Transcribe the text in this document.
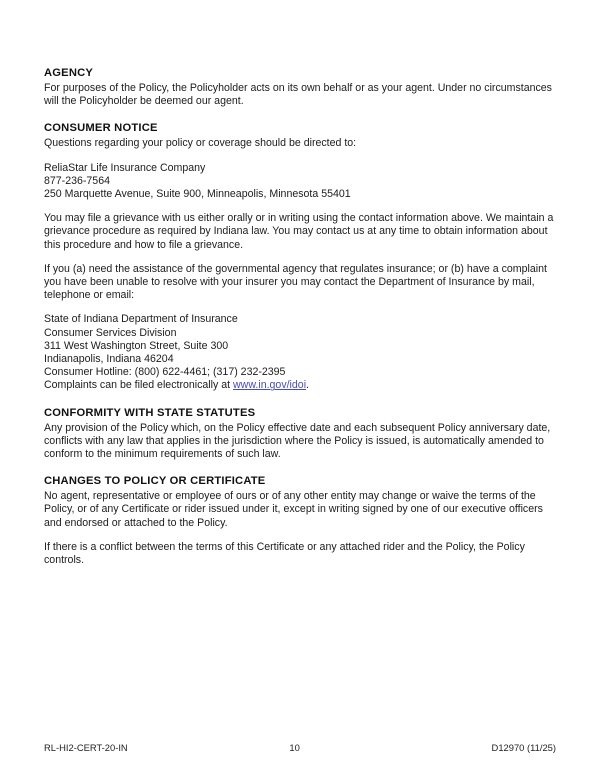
AGENCY

For purposes of the Policy, the Policyholder acts on its own behalf or as your agent. Under no circumstances will the Policyholder be deemed our agent.

CONSUMER NOTICE

Questions regarding your policy or coverage should be directed to:

ReliaStar Life Insurance Company
877-236-7564
250 Marquette Avenue, Suite 900, Minneapolis, Minnesota 55401

You may file a grievance with us either orally or in writing using the contact information above. We maintain a grievance procedure as required by Indiana law. You may contact us at any time to obtain information about this procedure and how to file a grievance.

If you (a) need the assistance of the governmental agency that regulates insurance; or (b) have a complaint you have been unable to resolve with your insurer you may contact the Department of Insurance by mail, telephone or email:

State of Indiana Department of Insurance
Consumer Services Division
311 West Washington Street, Suite 300
Indianapolis, Indiana 46204
Consumer Hotline: (800) 622-4461; (317) 232-2395
Complaints can be filed electronically at www.in.gov/idoi.
CONFORMITY WITH STATE STATUTES

Any provision of the Policy which, on the Policy effective date and each subsequent Policy anniversary date, conflicts with any law that applies in the jurisdiction where the Policy is issued, is automatically amended to conform to the minimum requirements of such law.

CHANGES TO POLICY OR CERTIFICATE

No agent, representative or employee of ours or of any other entity may change or waive the terms of the Policy, or of any Certificate or rider issued under it, except in writing signed by one of our executive officers and endorsed or attached to the Policy.

If there is a conflict between the terms of this Certificate or any attached rider and the Policy, the Policy controls.

RL-HI2-CERT-20-IN	10	D12970 (11/25)
